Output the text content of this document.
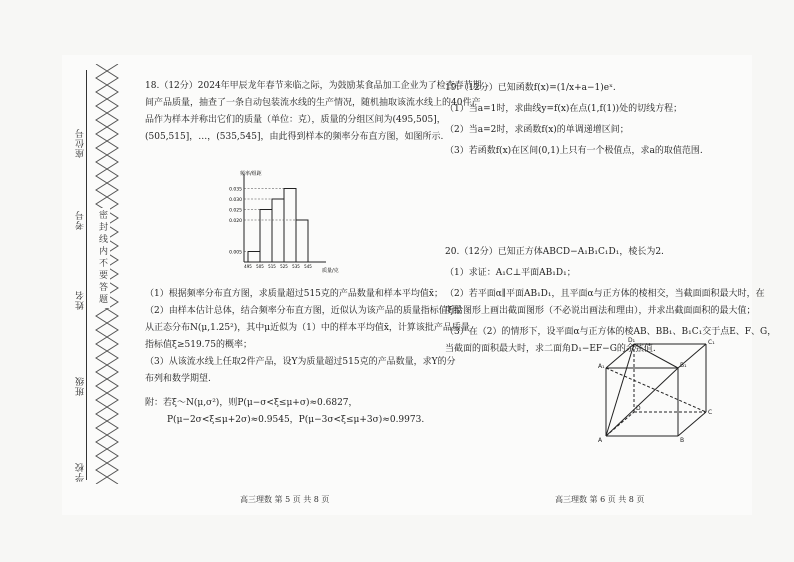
座位号
考号
姓名
班级
学校
密封线内不要答题

18.（12分）2024年甲辰龙年春节来临之际，为鼓励某食品加工企业为了检查春节期

间产品质量，抽查了一条自动包装流水线的生产情况，随机抽取该流水线上的40件产

品作为样本并称出它们的质量（单位：克），质量的分组区间为(495,505]，

(505,515]，…，(535,545]，由此得到样本的频率分布直方图，如图所示.

频率/组距
质量/克
0.035
0.030
0.025
0.020
0.005
495 505 515 525 535 545

（1）根据频率分布直方图，求质量超过515克的产品数量和样本平均值x̄；

（2）由样本估计总体，结合频率分布直方图，近似认为该产品的质量指标值ξ服

从正态分布N(μ,1.25²)，其中μ近似为（1）中的样本平均值x̄，计算该批产品质量

指标值ξ≥519.75的概率；

（3）从该流水线上任取2件产品，设Y为质量超过515克的产品数量，求Y的分

布列和数学期望.

附：若ξ～N(μ,σ²)，则P(μ−σ<ξ≤μ+σ)≈0.6827，

P(μ−2σ<ξ≤μ+2σ)≈0.9545，P(μ−3σ<ξ≤μ+3σ)≈0.9973.

高三理数 第 5 页 共 8 页

19.（12分）已知函数f(x)=(1/x+a−1)eˣ.

（1）当a=1时，求曲线y=f(x)在点(1,f(1))处的切线方程；

（2）当a=2时，求函数f(x)的单调递增区间；

（3）若函数f(x)在区间(0,1)上只有一个极值点，求a的取值范围.

20.（12分）已知正方体ABCD−A₁B₁C₁D₁，棱长为2.

（1）求证：A₁C⊥平面AB₁D₁；

（2）若平面α∥平面AB₁D₁，且平面α与正方体的棱相交，当截面面积最大时，在

所给图形上画出截面图形（不必说出画法和理由），并求出截面面积的最大值；

（3）在（2）的情形下，设平面α与正方体的棱AB、BB₁、B₁C₁交于点E、F、G，

当截面的面积最大时，求二面角D₁−EF−G的余弦值.

D₁	C₁
A₁	B₁
D
C
A	B
高三理数 第 6 页 共 8 页
